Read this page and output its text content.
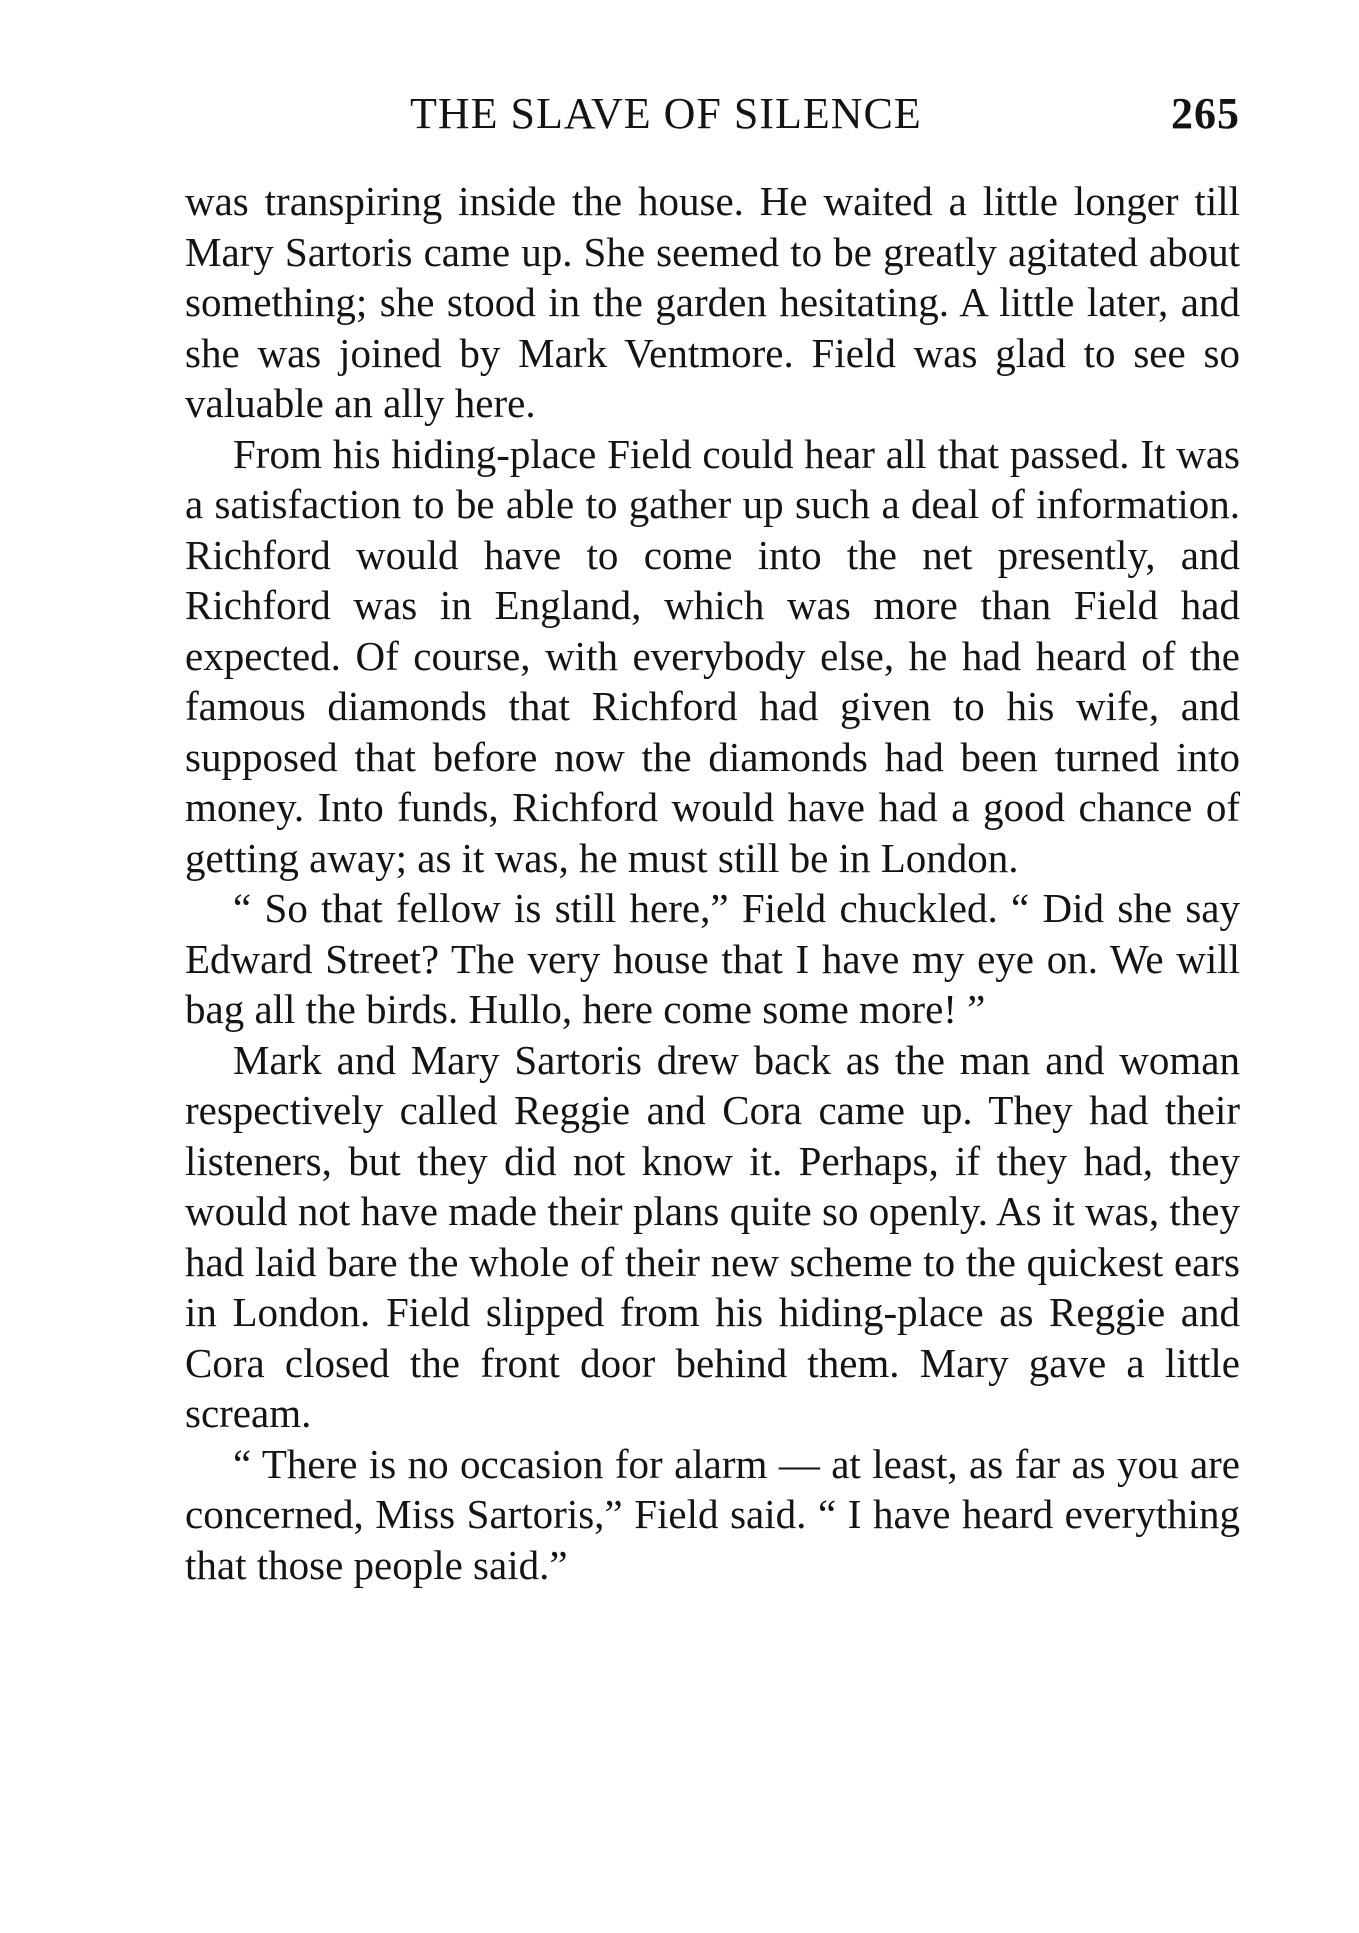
THE SLAVE OF SILENCE	265

was transpiring inside the house. He waited a little longer till Mary Sartoris came up. She seemed to be greatly agitated about something; she stood in the garden hesitating. A little later, and she was joined by Mark Ventmore. Field was glad to see so valuable an ally here.

From his hiding-place Field could hear all that passed. It was a satisfaction to be able to gather up such a deal of information. Richford would have to come into the net presently, and Richford was in England, which was more than Field had expected. Of course, with everybody else, he had heard of the famous diamonds that Richford had given to his wife, and supposed that before now the diamonds had been turned into money. Into funds, Richford would have had a good chance of getting away; as it was, he must still be in London.

“ So that fellow is still here,” Field chuckled. “ Did she say Edward Street? The very house that I have my eye on. We will bag all the birds. Hullo, here come some more! ”

Mark and Mary Sartoris drew back as the man and woman respectively called Reggie and Cora came up. They had their listeners, but they did not know it. Perhaps, if they had, they would not have made their plans quite so openly. As it was, they had laid bare the whole of their new scheme to the quickest ears in London. Field slipped from his hiding-place as Reggie and Cora closed the front door behind them. Mary gave a little scream.

“ There is no occasion for alarm — at least, as far as you are concerned, Miss Sartoris,” Field said. “ I have heard everything that those people said.”
